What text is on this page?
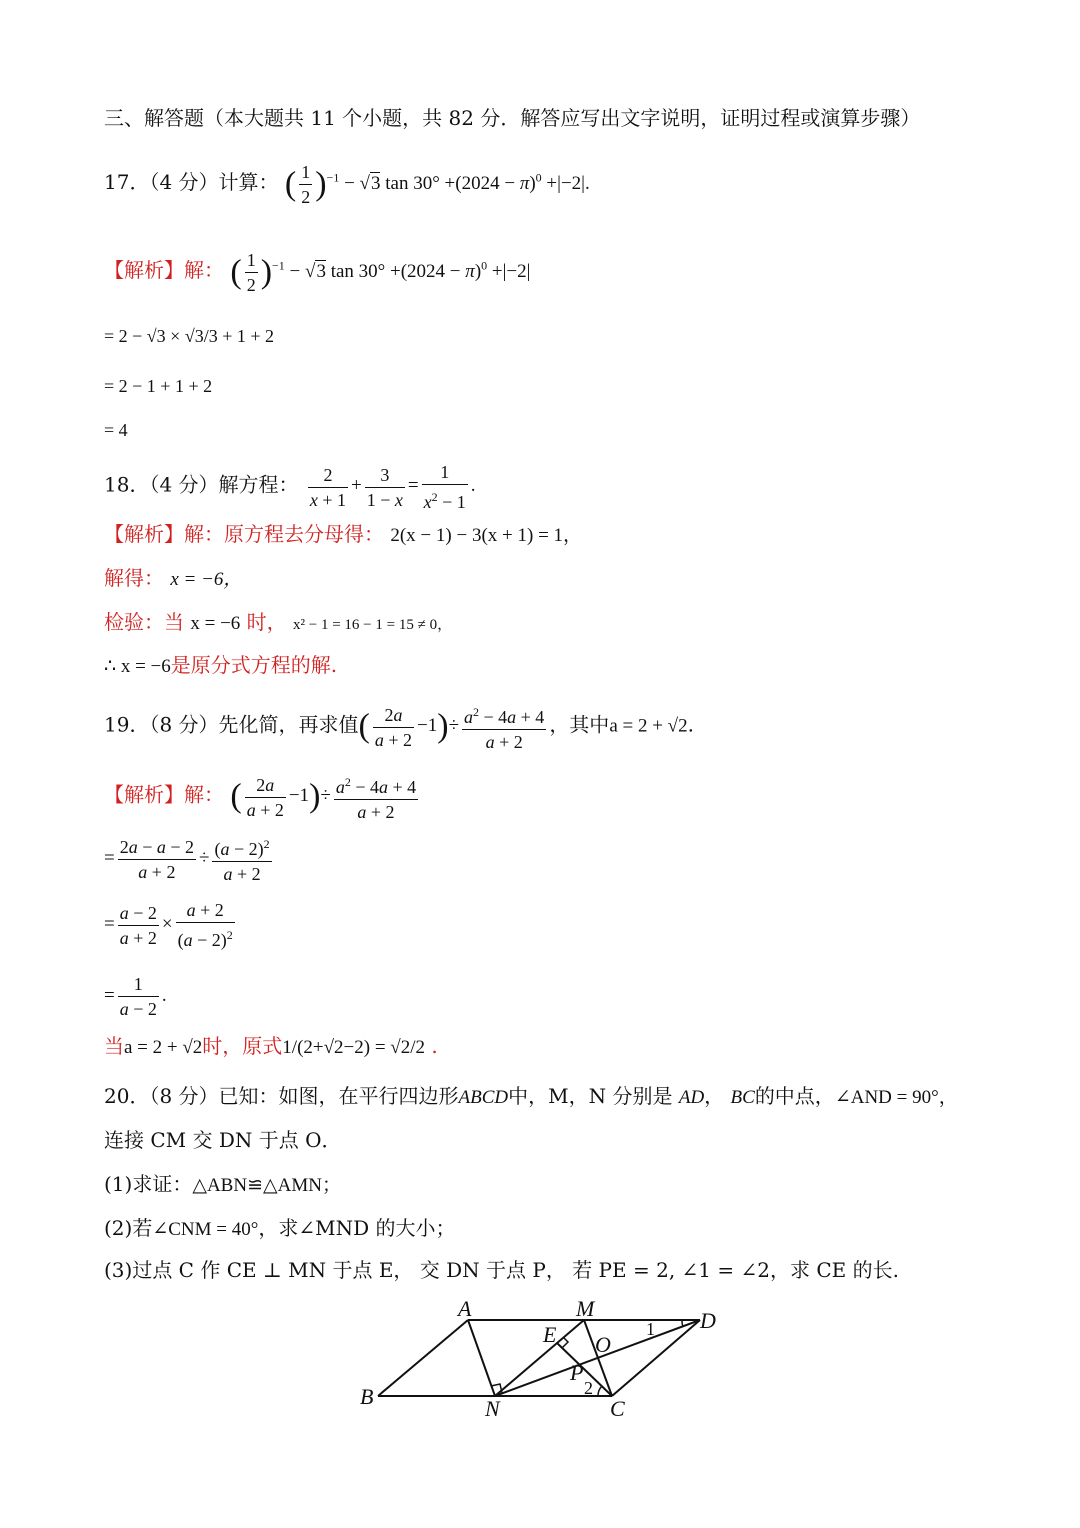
三、解答题（本大题共 11 个小题，共 82 分．解答应写出文字说明，证明过程或演算步骤）
17．（4 分）计算： ( $\frac{1}{2} )^{-1} - √3$ $\tan 30^\circ +(2024 - \pi)^0 +|-2|$.
【解析】解： ( $\frac{1}{2} )^{-1} - √3$ $\tan 30^\circ +(2024 - \pi)^0 +|-2|$
= 2 − √3 × √3/3 + 1 + 2
= 2 − 1 + 1 + 2
= 4
18．（4 分）解方程： $\frac{2}{x + 1} + \frac{3}{1 - x} = \frac{1}{x^2 - 1}$ .
【解析】解：原方程去分母得： 2(x − 1) − 3(x + 1) = 1，
解得： x = −6，
检验：当 x = −6 时， x² − 1 = 16 − 1 = 15 ≠ 0，
∴ x = −6是原分式方程的解.
19．（8 分）先化简，再求值( $\frac{2a}{a + 2} -1)\div \frac{a^2 - 4a + 4}{a + 2}$ ，其中a = 2 + √2.
【解析】解： ( $\frac{2a}{a + 2} -1)\div \frac{a^2 - 4a + 4}{a + 2}$
= $\frac{2a - a - 2}{a + 2} \div \frac{(a - 2)^2}{a + 2}$
= $\frac{a - 2}{a + 2} \times \frac{a + 2}{(a - 2)^2}$
= $\frac{1}{a - 2}$ .
当a = 2 + √2时，原式1/(2+√2−2) = √2/2 .
20．（8 分）已知：如图，在平行四边形ABCD中，M，N 分别是 AD， BC的中点，∠AND = 90°，
连接 CM 交 DN 于点 O．
(1)求证：△ABN≌△AMN；
(2)若∠CNM = 40°，求∠MND 的大小；
(3)过点 C 作 CE ⊥ MN 于点 E， 交 DN 于点 P， 若 PE = 2, ∠1 = ∠2，求 CE 的长.
A	M	D
E O
P
B	N	C
1
2
